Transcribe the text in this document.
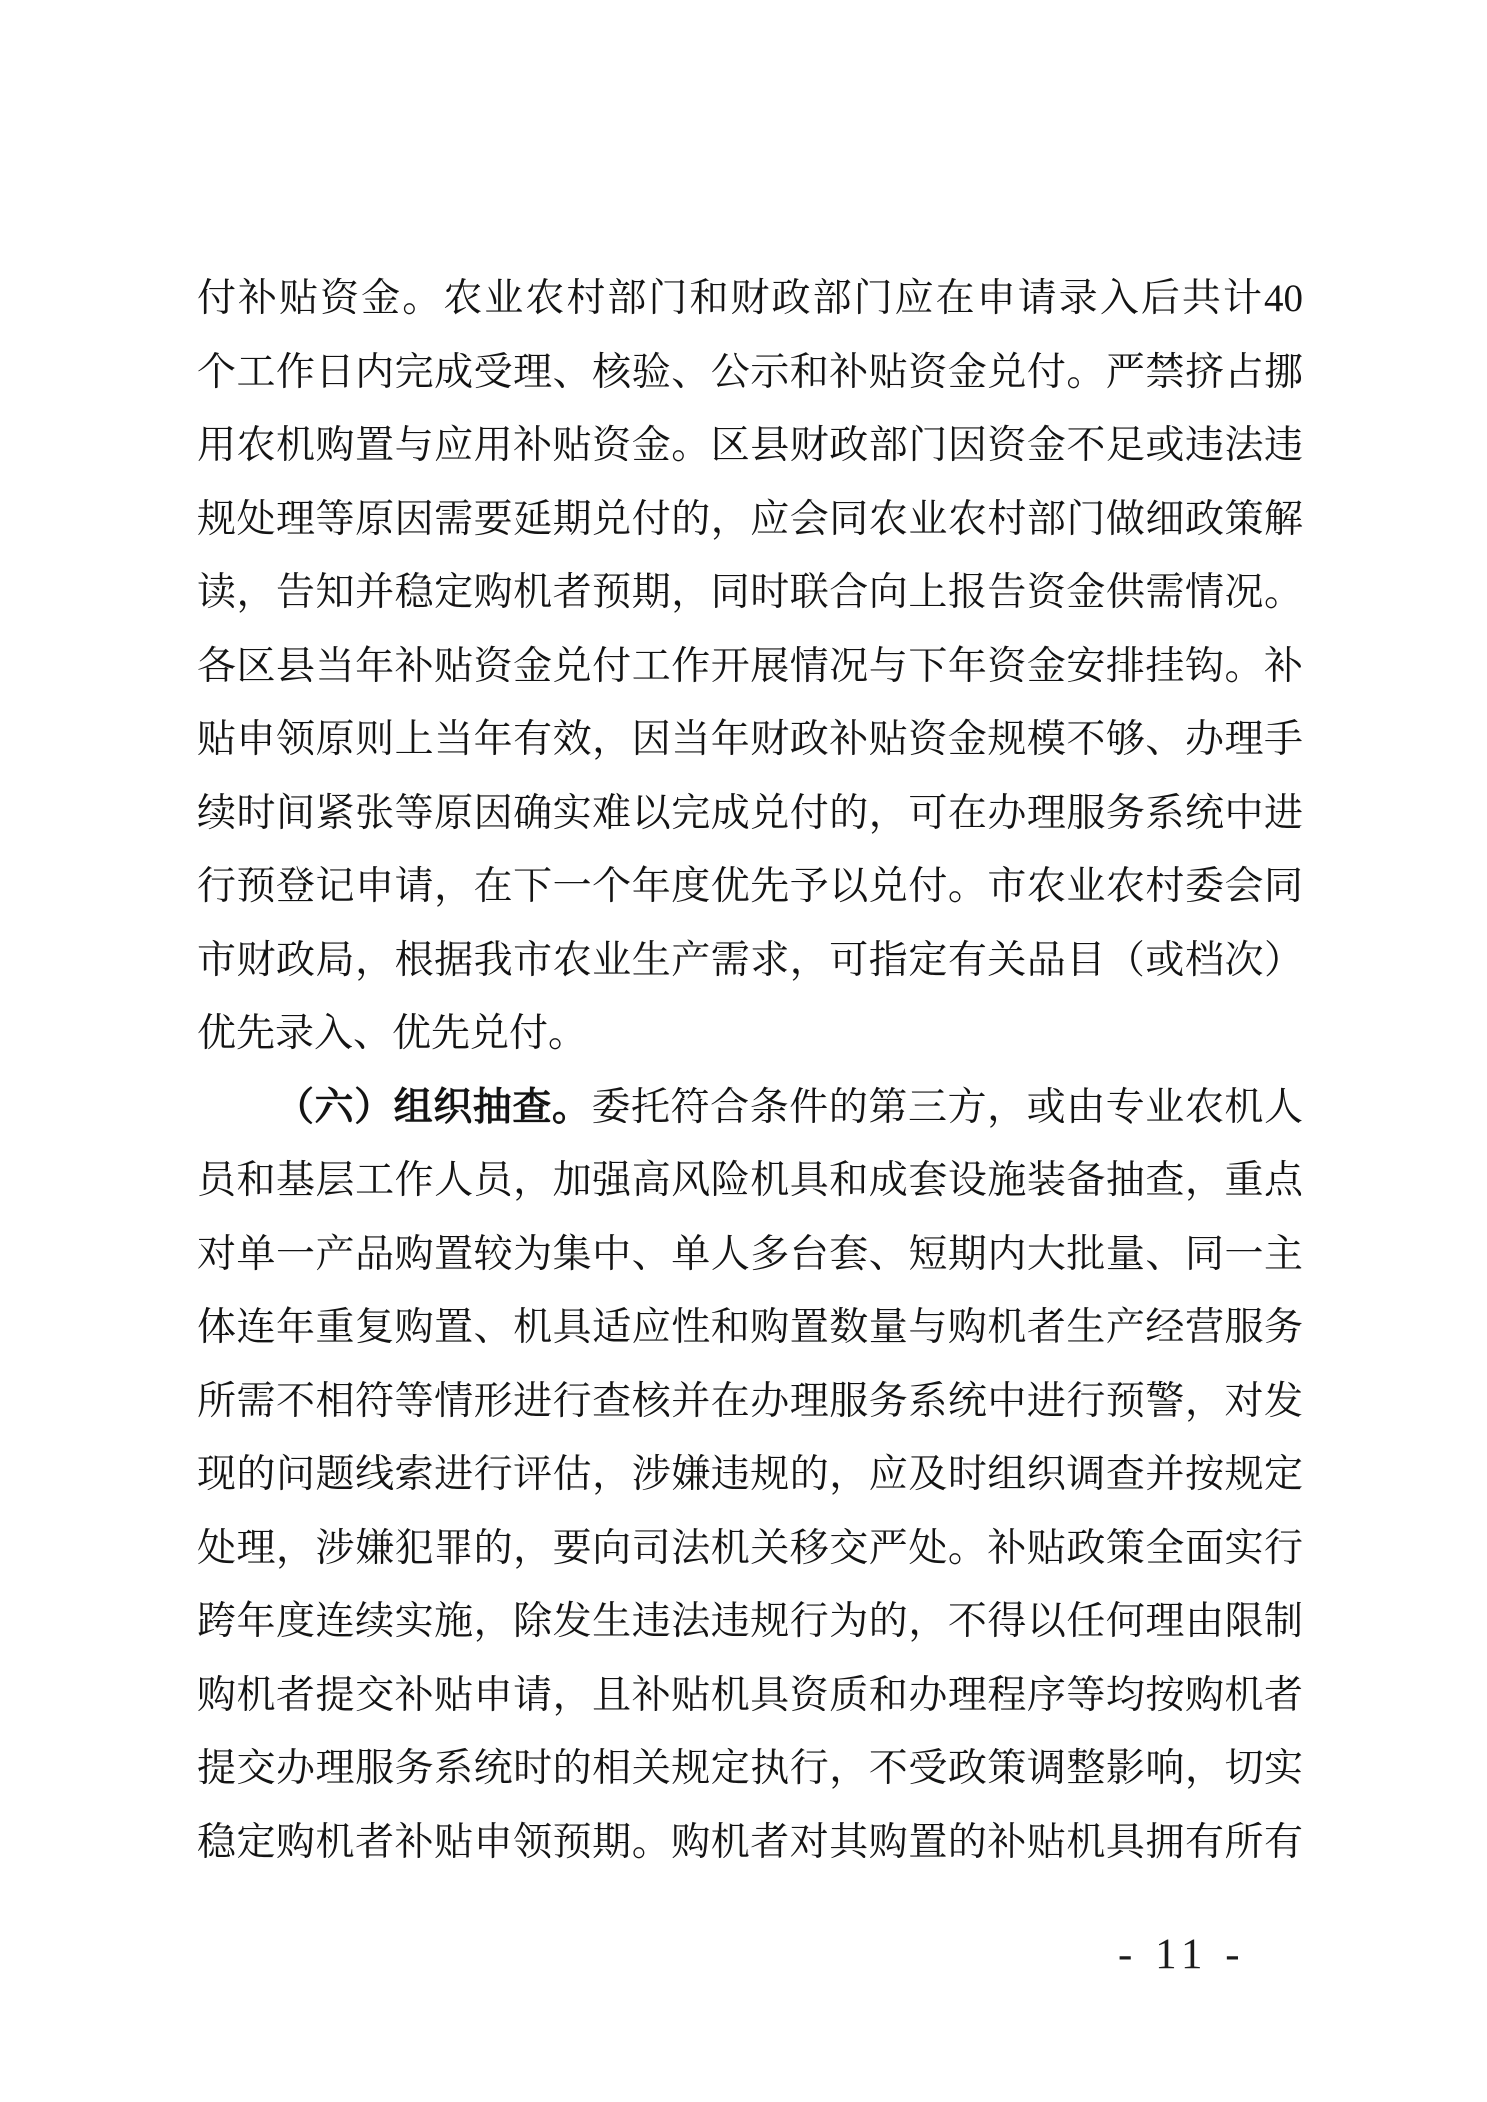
付补贴资金。农业农村部门和财政部门应在申请录入后共计40
个工作日内完成受理、核验、公示和补贴资金兑付。严禁挤占挪
用农机购置与应用补贴资金。区县财政部门因资金不足或违法违
规处理等原因需要延期兑付的，应会同农业农村部门做细政策解
读，告知并稳定购机者预期，同时联合向上报告资金供需情况。
各区县当年补贴资金兑付工作开展情况与下年资金安排挂钩。补
贴申领原则上当年有效，因当年财政补贴资金规模不够、办理手
续时间紧张等原因确实难以完成兑付的，可在办理服务系统中进
行预登记申请，在下一个年度优先予以兑付。市农业农村委会同
市财政局，根据我市农业生产需求，可指定有关品目（或档次）
优先录入、优先兑付。
（六）组织抽查。委托符合条件的第三方，或由专业农机人
员和基层工作人员，加强高风险机具和成套设施装备抽查，重点
对单一产品购置较为集中、单人多台套、短期内大批量、同一主
体连年重复购置、机具适应性和购置数量与购机者生产经营服务
所需不相符等情形进行查核并在办理服务系统中进行预警，对发
现的问题线索进行评估，涉嫌违规的，应及时组织调查并按规定
处理，涉嫌犯罪的，要向司法机关移交严处。补贴政策全面实行
跨年度连续实施，除发生违法违规行为的，不得以任何理由限制
购机者提交补贴申请，且补贴机具资质和办理程序等均按购机者
提交办理服务系统时的相关规定执行，不受政策调整影响，切实
稳定购机者补贴申领预期。购机者对其购置的补贴机具拥有所有
- 11 -
